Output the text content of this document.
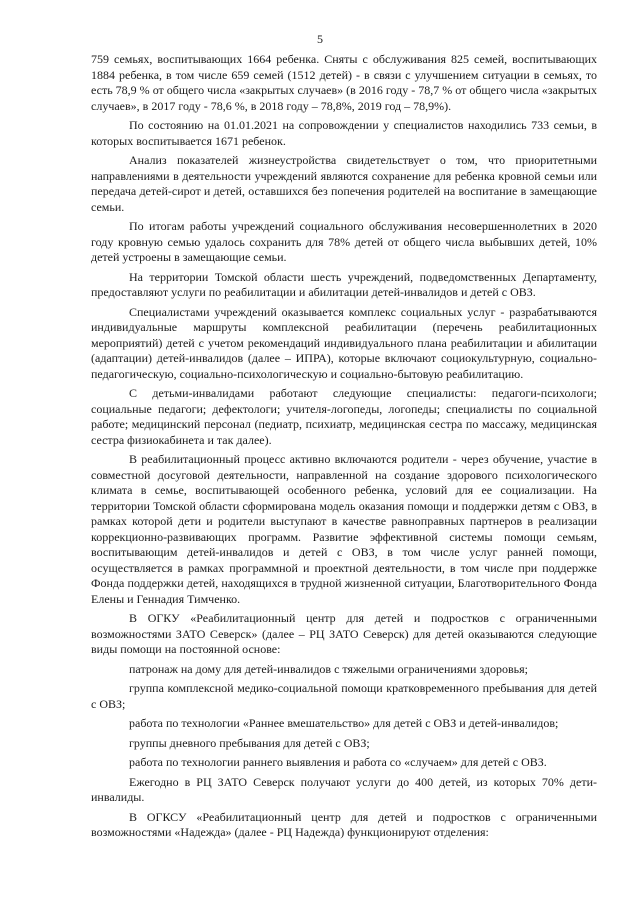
5

759 семьях, воспитывающих 1664 ребенка. Сняты с обслуживания 825 семей, воспитывающих 1884 ребенка, в том числе 659 семей (1512 детей) - в связи с улучшением ситуации в семьях, то есть 78,9 % от общего числа «закрытых случаев» (в 2016 году - 78,7 % от общего числа «закрытых случаев», в 2017 году - 78,6 %, в 2018 году – 78,8%, 2019 год – 78,9%).

По состоянию на 01.01.2021 на сопровождении у специалистов находились 733 семьи, в которых воспитывается 1671 ребенок.

Анализ показателей жизнеустройства свидетельствует о том, что приоритетными направлениями в деятельности учреждений являются сохранение для ребенка кровной семьи или передача детей-сирот и детей, оставшихся без попечения родителей на воспитание в замещающие семьи.

По итогам работы учреждений социального обслуживания несовершеннолетних в 2020 году кровную семью удалось сохранить для 78% детей от общего числа выбывших детей, 10% детей устроены в замещающие семьи.

На территории Томской области шесть учреждений, подведомственных Департаменту, предоставляют услуги по реабилитации и абилитации детей-инвалидов и детей с ОВЗ.

Специалистами учреждений оказывается комплекс социальных услуг - разрабатываются индивидуальные маршруты комплексной реабилитации (перечень реабилитационных мероприятий) детей с учетом рекомендаций индивидуального плана реабилитации и абилитации (адаптации) детей-инвалидов (далее – ИПРА), которые включают социокультурную, социально-педагогическую, социально-психологическую и социально-бытовую реабилитацию.

С детьми-инвалидами работают следующие специалисты: педагоги-психологи; социальные педагоги; дефектологи; учителя-логопеды, логопеды; специалисты по социальной работе; медицинский персонал (педиатр, психиатр, медицинская сестра по массажу, медицинская сестра физиокабинета и так далее).

В реабилитационный процесс активно включаются родители - через обучение, участие в совместной досуговой деятельности, направленной на создание здорового психологического климата в семье, воспитывающей особенного ребенка, условий для ее социализации. На территории Томской области сформирована модель оказания помощи и поддержки детям с ОВЗ, в рамках которой дети и родители выступают в качестве равноправных партнеров в реализации коррекционно-развивающих программ. Развитие эффективной системы помощи семьям, воспитывающим детей-инвалидов и детей с ОВЗ, в том числе услуг ранней помощи, осуществляется в рамках программной и проектной деятельности, в том числе при поддержке Фонда поддержки детей, находящихся в трудной жизненной ситуации, Благотворительного Фонда Елены и Геннадия Тимченко.

В ОГКУ «Реабилитационный центр для детей и подростков с ограниченными возможностями ЗАТО Северск» (далее – РЦ ЗАТО Северск) для детей оказываются следующие виды помощи на постоянной основе:

патронаж на дому для детей-инвалидов с тяжелыми ограничениями здоровья;

группа комплексной медико-социальной помощи кратковременного пребывания для детей с ОВЗ;

работа по технологии «Раннее вмешательство» для детей с ОВЗ и детей-инвалидов;

группы дневного пребывания для детей с ОВЗ;

работа по технологии раннего выявления и работа со «случаем» для детей с ОВЗ.

Ежегодно в РЦ ЗАТО Северск получают услуги до 400 детей, из которых 70% дети-инвалиды.

В ОГКСУ «Реабилитационный центр для детей и подростков с ограниченными возможностями «Надежда» (далее - РЦ Надежда) функционируют отделения:
